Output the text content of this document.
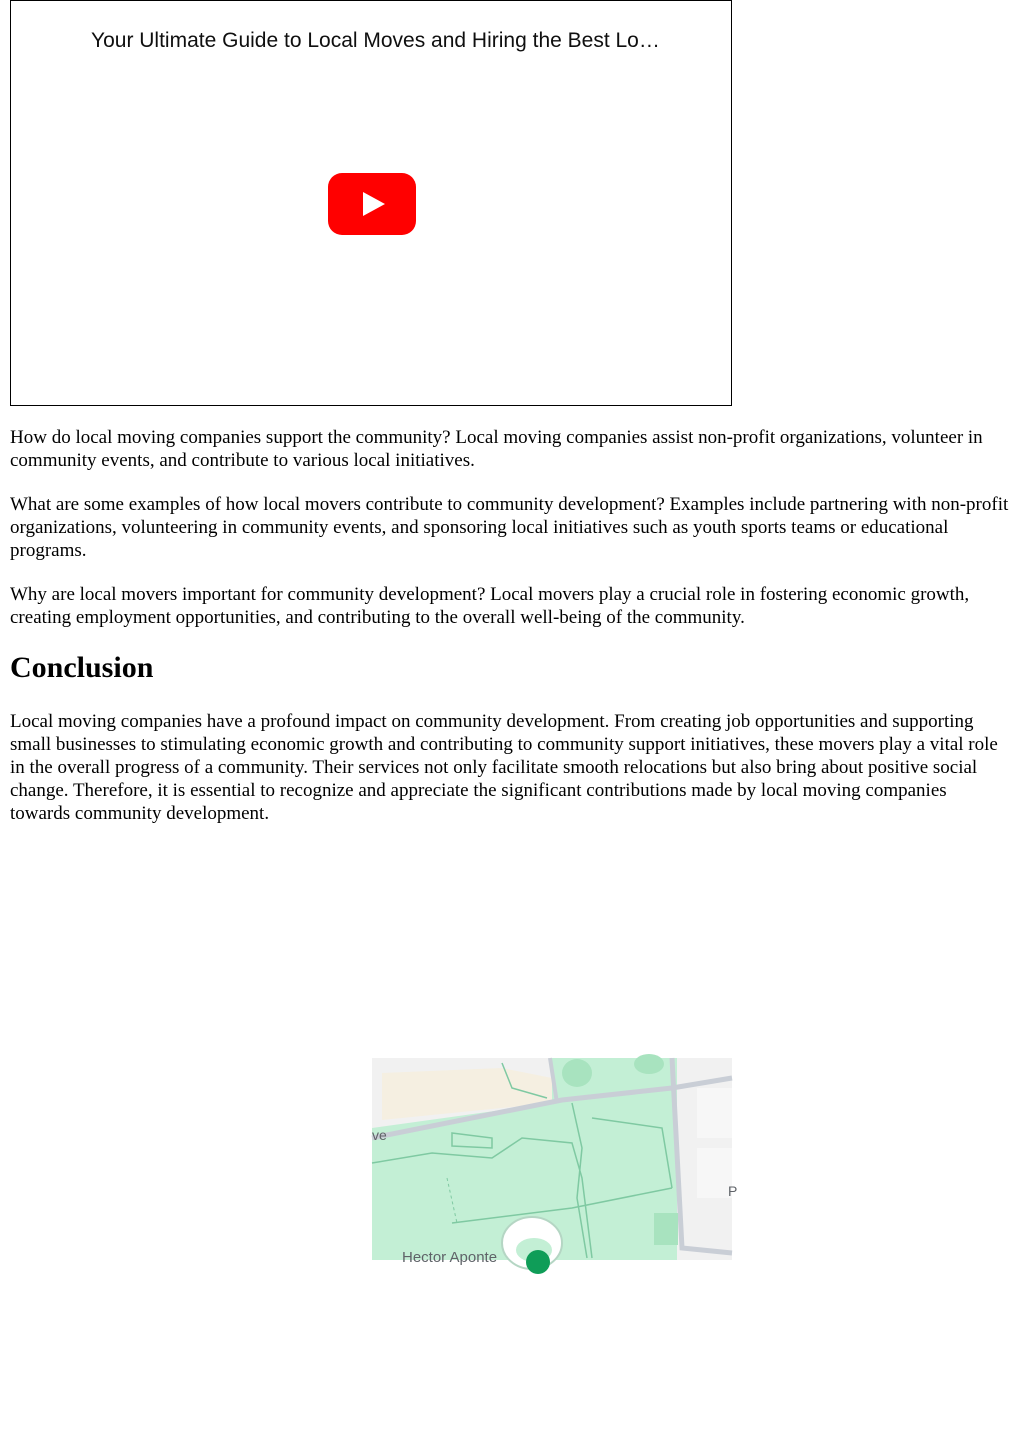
Your Ultimate Guide to Local Moves and Hiring the Best Lo…

How do local moving companies support the community? Local moving companies assist non-profit organizations, volunteer in community events, and contribute to various local initiatives.

What are some examples of how local movers contribute to community development? Examples include partnering with non-profit organizations, volunteering in community events, and sponsoring local initiatives such as youth sports teams or educational programs.

Why are local movers important for community development? Local movers play a crucial role in fostering economic growth, creating employment opportunities, and contributing to the overall well-being of the community.

Conclusion

Local moving companies have a profound impact on community development. From creating job opportunities and supporting small businesses to stimulating economic growth and contributing to community support initiatives, these movers play a vital role in the overall progress of a community. Their services not only facilitate smooth relocations but also bring about positive social change. Therefore, it is essential to recognize and appreciate the significant contributions made by local moving companies towards community development.

ve
P
Hector Aponte
